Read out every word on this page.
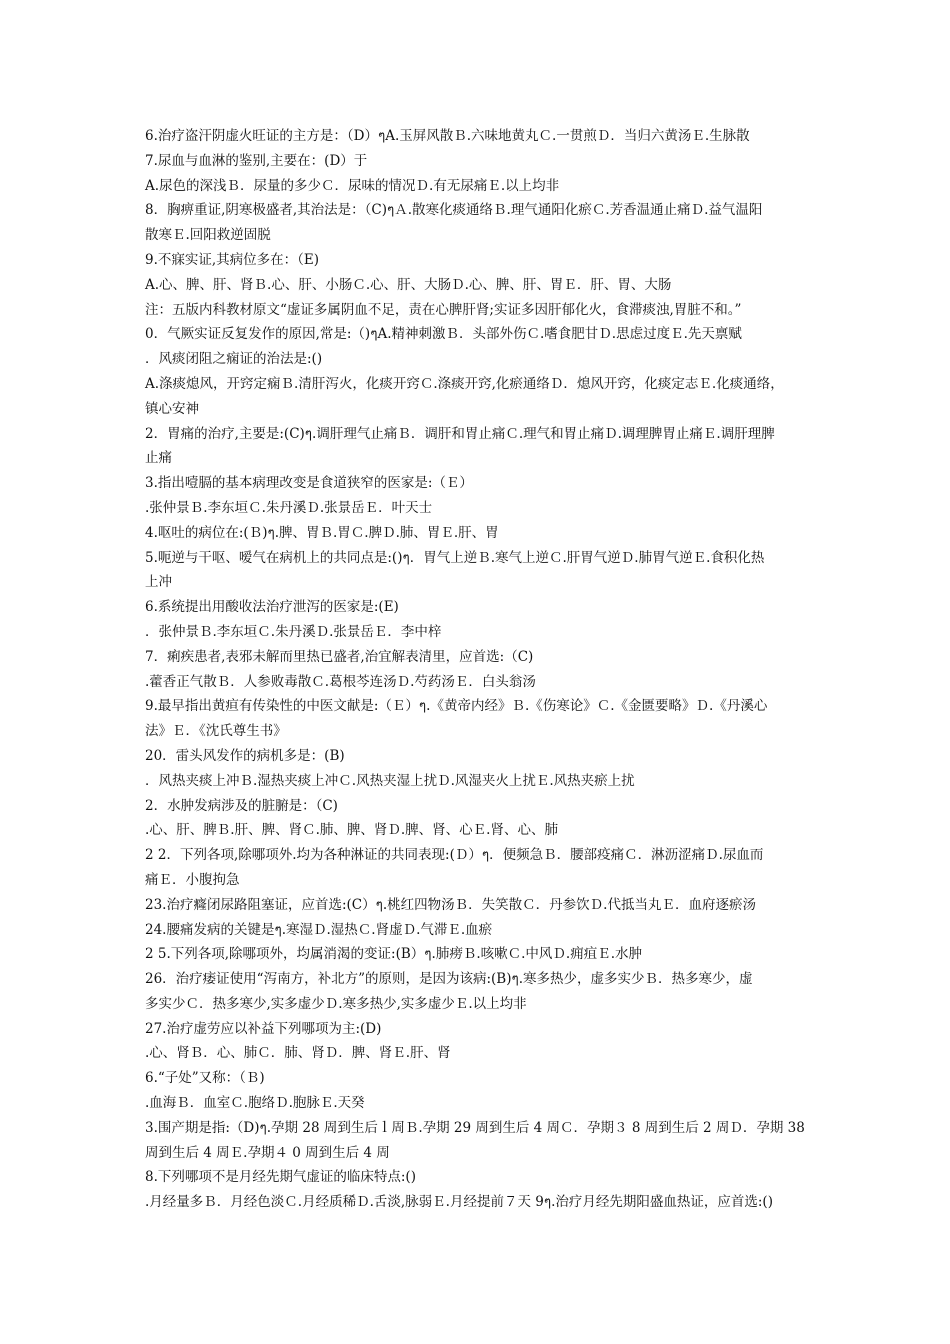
6.治疗盗汗阴虚火旺证的主方是：（D）ๆA.玉屏风散Ｂ.六味地黄丸Ｃ.一贯煎Ｄ．当归六黄汤Ｅ.生脉散
7.尿血与血淋的鉴别,主要在：(D）于
A.尿色的深浅Ｂ．尿量的多少Ｃ．尿味的情况Ｄ.有无尿痛Ｅ.以上均非
8．胸痹重证,阴寒极盛者,其治法是：（C)ๆＡ.散寒化痰通络Ｂ.理气通阳化瘀Ｃ.芳香温通止痛Ｄ.益气温阳
散寒Ｅ.回阳救逆固脱
9.不寐实证,其病位多在：（E)
A.心、脾、肝、肾Ｂ.心、肝、小肠Ｃ.心、肝、大肠Ｄ.心、脾、肝、胃Ｅ．肝、胃、大肠
注：五版内科教材原文“虚证多属阴血不足，责在心脾肝肾;实证多因肝郁化火，食滞痰浊,胃脏不和。”
0．气厥实证反复发作的原因,常是:（)ๆA.精神刺激Ｂ．头部外伤Ｃ.嗜食肥甘Ｄ.思虑过度Ｅ.先天禀赋
．风痰闭阻之痫证的治法是:()
A.涤痰熄风，开窍定痫Ｂ.清肝泻火，化痰开窍Ｃ.涤痰开窍,化瘀通络Ｄ．熄风开窍，化痰定志Ｅ.化痰通络，
镇心安神
2．胃痛的治疗,主要是:(C)ๆ.调肝理气止痛Ｂ．调肝和胃止痛Ｃ.理气和胃止痛Ｄ.调理脾胃止痛Ｅ.调肝理脾
止痛
3.指出噎膈的基本病理改变是食道狭窄的医家是:（Ｅ）
.张仲景Ｂ.李东垣Ｃ.朱丹溪Ｄ.张景岳Ｅ．叶天士
4.呕吐的病位在:(Ｂ)ๆ.脾、胃Ｂ.胃Ｃ.脾Ｄ.肺、胃Ｅ.肝、胃
5.呃逆与干呕、嗳气在病机上的共同点是:()ๆ．胃气上逆Ｂ.寒气上逆Ｃ.肝胃气逆Ｄ.肺胃气逆Ｅ.食积化热
上冲
6.系统提出用酸收法治疗泄泻的医家是:(E)
．张仲景Ｂ.李东垣Ｃ.朱丹溪Ｄ.张景岳Ｅ．李中梓
7．痢疾患者,表邪未解而里热已盛者,治宜解表清里，应首选:（C)
.藿香正气散Ｂ．人参败毒散Ｃ.葛根芩连汤Ｄ.芍药汤Ｅ．白头翁汤
9.最早指出黄疸有传染性的中医文献是:（Ｅ）ๆ.《黄帝内经》Ｂ.《伤寒论》Ｃ.《金匮要略》Ｄ.《丹溪心
法》Ｅ．《沈氏尊生书》
20．雷头风发作的病机多是：(B)
．风热夹痰上冲Ｂ.湿热夹痰上冲Ｃ.风热夹湿上扰Ｄ.风湿夹火上扰Ｅ.风热夹瘀上扰
2．水肿发病涉及的脏腑是：（C)
.心、肝、脾Ｂ.肝、脾、肾Ｃ.肺、脾、肾Ｄ.脾、肾、心Ｅ.肾、心、肺
2 2．下列各项,除哪项外.均为各种淋证的共同表现:(Ｄ）ๆ．便频急Ｂ．腰部疫痛Ｃ．淋沥涩痛Ｄ.尿血而
痛Ｅ．小腹拘急
23.治疗癃闭尿路阻塞证，应首选:(C）ๆ.桃红四物汤Ｂ．失笑散Ｃ．丹参饮Ｄ.代抵当丸Ｅ．血府逐瘀汤
24.腰痛发病的关键是ๆ.寒湿Ｄ.湿热Ｃ.肾虚Ｄ.气滞Ｅ.血瘀
2 5.下列各项,除哪项外，均属消渴的变证:(B）ๆ.肺痨Ｂ.咳嗽Ｃ.中风Ｄ.痈疽Ｅ.水肿
26．治疗痿证使用“泻南方，补北方”的原则，是因为该病:(B)ๆ.寒多热少，虚多实少Ｂ．热多寒少，虚
多实少Ｃ．热多寒少,实多虚少Ｄ.寒多热少,实多虚少Ｅ.以上均非
27.治疗虚劳应以补益下列哪项为主:(D)
.心、肾Ｂ．心、肺Ｃ．肺、肾Ｄ．脾、肾Ｅ.肝、肾
6.“子处”又称：（Ｂ)
.血海Ｂ．血室Ｃ.胞络Ｄ.胞脉Ｅ.天癸
3.围产期是指:（D)ๆ.孕期 28 周到生后ｌ周Ｂ.孕期 29 周到生后 4 周Ｃ．孕期３ 8 周到生后 2 周Ｄ．孕期 38
周到生后 4 周Ｅ.孕期４ 0 周到生后 4 周
8.下列哪项不是月经先期气虚证的临床特点:()
.月经量多Ｂ．月经色淡Ｃ.月经质稀Ｄ.舌淡,脉弱Ｅ.月经提前７天 9ๆ.治疗月经先期阳盛血热证，应首选:()
